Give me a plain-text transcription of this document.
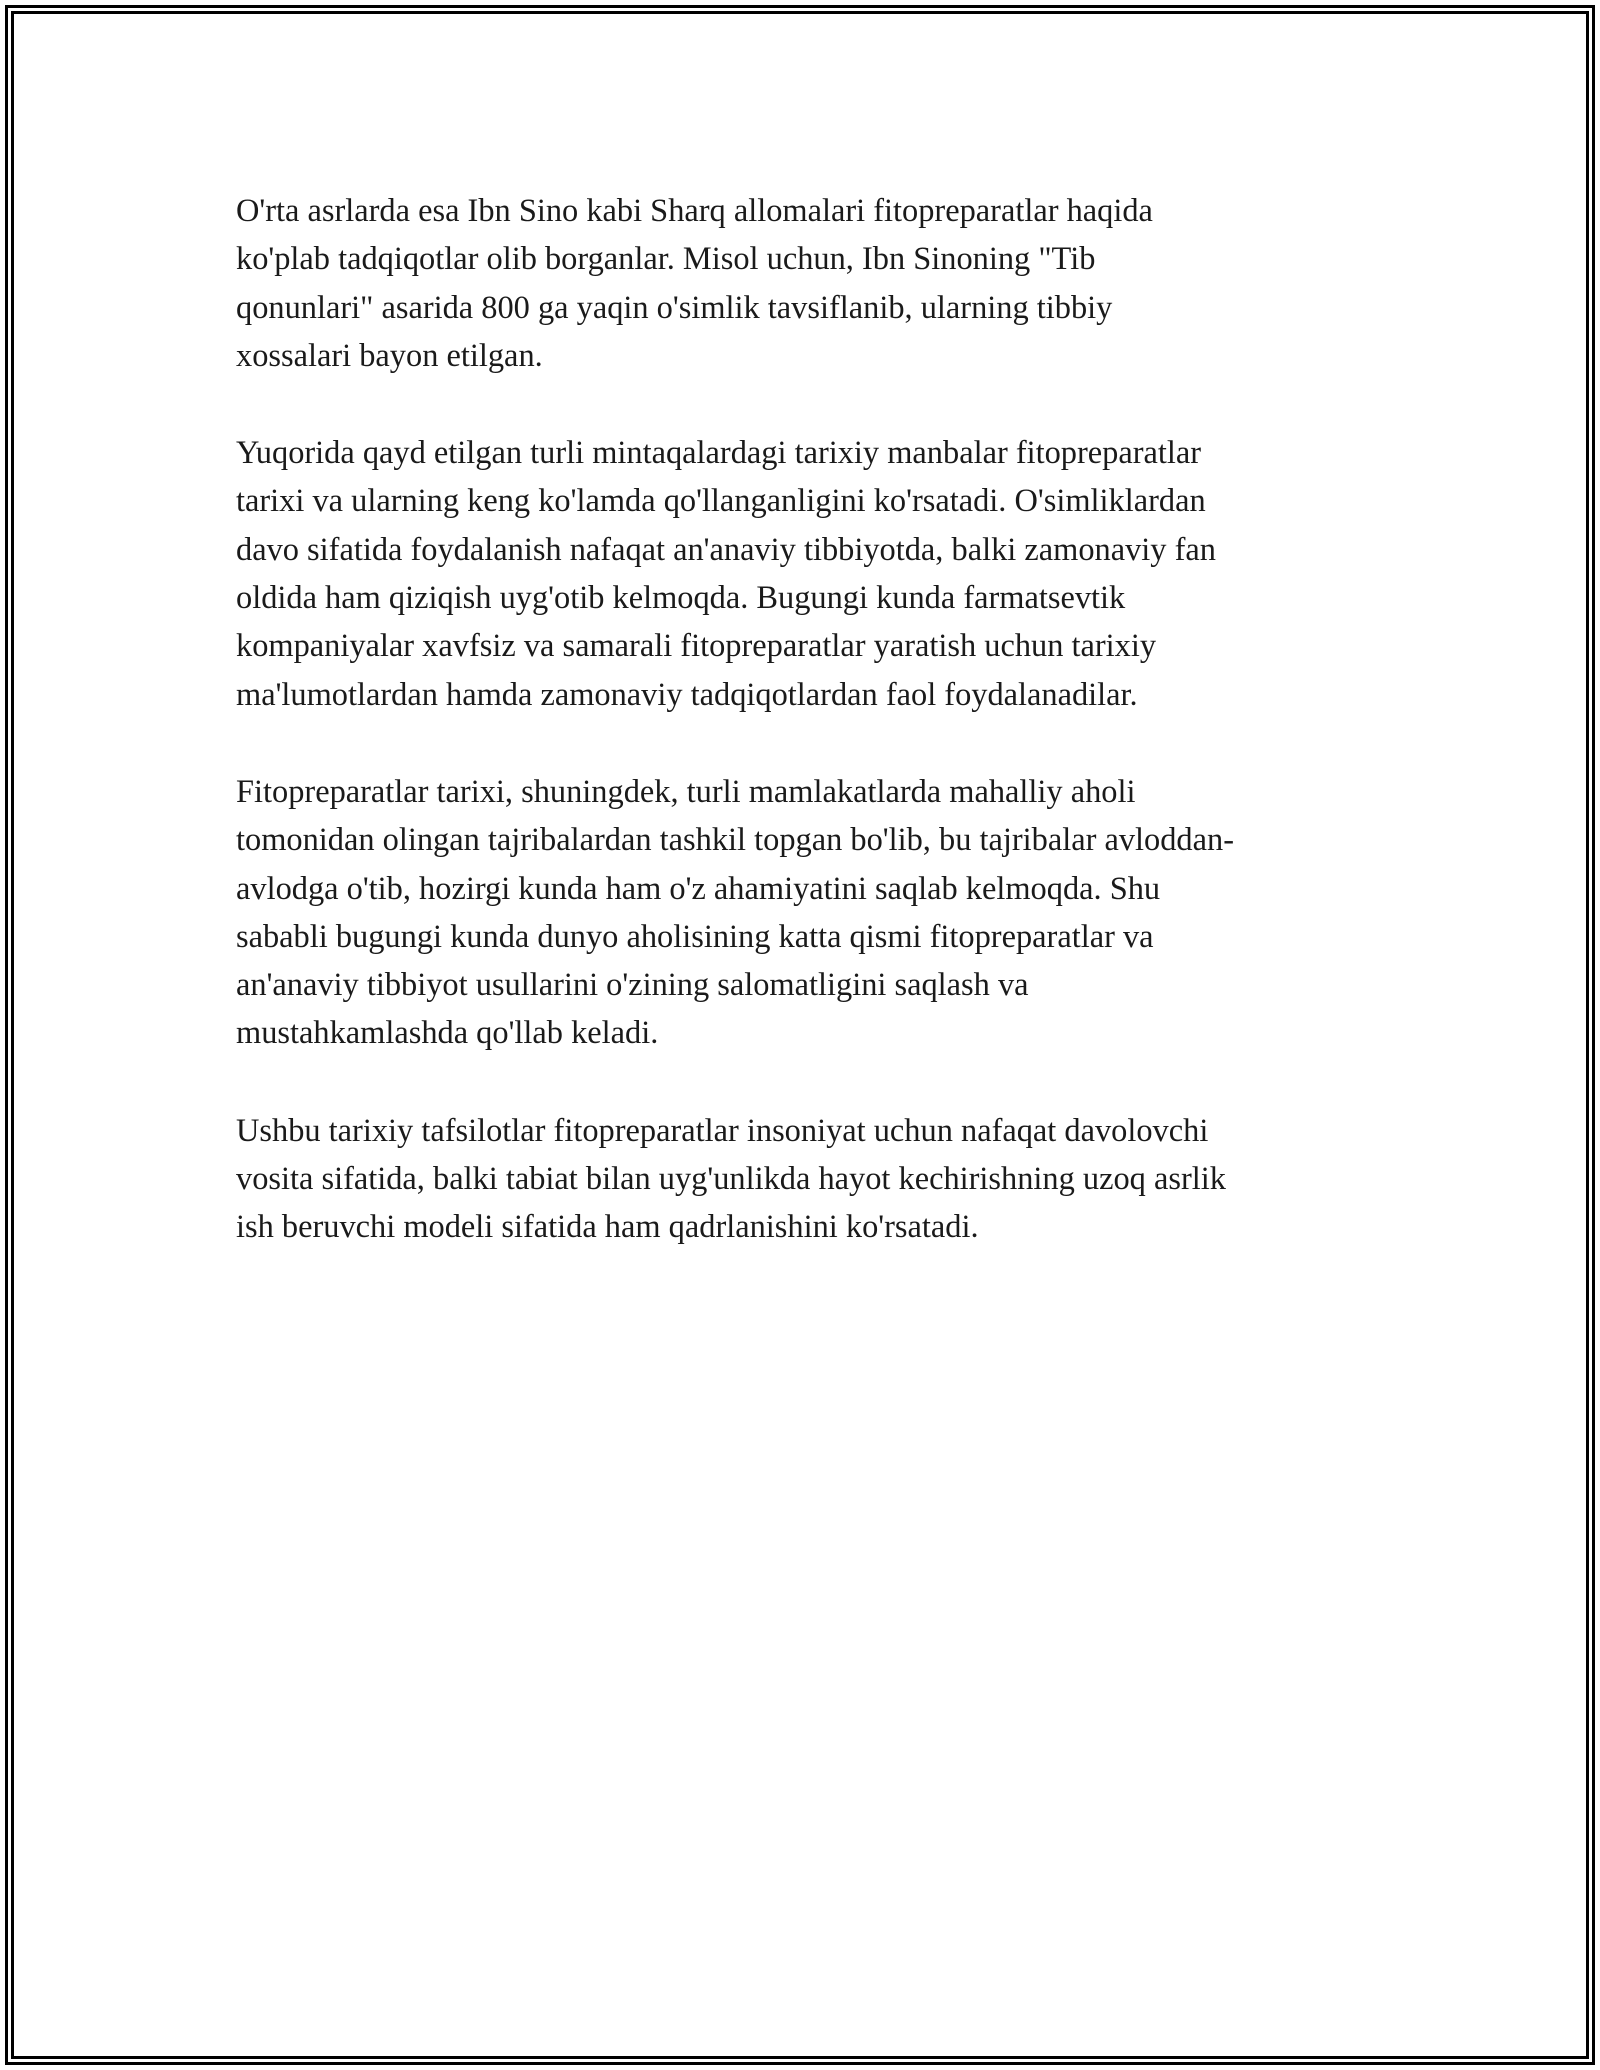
O'rta asrlarda esa Ibn Sino kabi Sharq allomalari fitopreparatlar haqida
ko'plab tadqiqotlar olib borganlar. Misol uchun, Ibn Sinoning "Tib
qonunlari" asarida 800 ga yaqin o'simlik tavsiflanib, ularning tibbiy
xossalari bayon etilgan.

Yuqorida qayd etilgan turli mintaqalardagi tarixiy manbalar fitopreparatlar
tarixi va ularning keng ko'lamda qo'llanganligini ko'rsatadi. O'simliklardan
davo sifatida foydalanish nafaqat an'anaviy tibbiyotda, balki zamonaviy fan
oldida ham qiziqish uyg'otib kelmoqda. Bugungi kunda farmatsevtik
kompaniyalar xavfsiz va samarali fitopreparatlar yaratish uchun tarixiy
ma'lumotlardan hamda zamonaviy tadqiqotlardan faol foydalanadilar.

Fitopreparatlar tarixi, shuningdek, turli mamlakatlarda mahalliy aholi
tomonidan olingan tajribalardan tashkil topgan bo'lib, bu tajribalar avloddan-
avlodga o'tib, hozirgi kunda ham o'z ahamiyatini saqlab kelmoqda. Shu
sababli bugungi kunda dunyo aholisining katta qismi fitopreparatlar va
an'anaviy tibbiyot usullarini o'zining salomatligini saqlash va
mustahkamlashda qo'llab keladi.

Ushbu tarixiy tafsilotlar fitopreparatlar insoniyat uchun nafaqat davolovchi
vosita sifatida, balki tabiat bilan uyg'unlikda hayot kechirishning uzoq asrlik
ish beruvchi modeli sifatida ham qadrlanishini ko'rsatadi.
